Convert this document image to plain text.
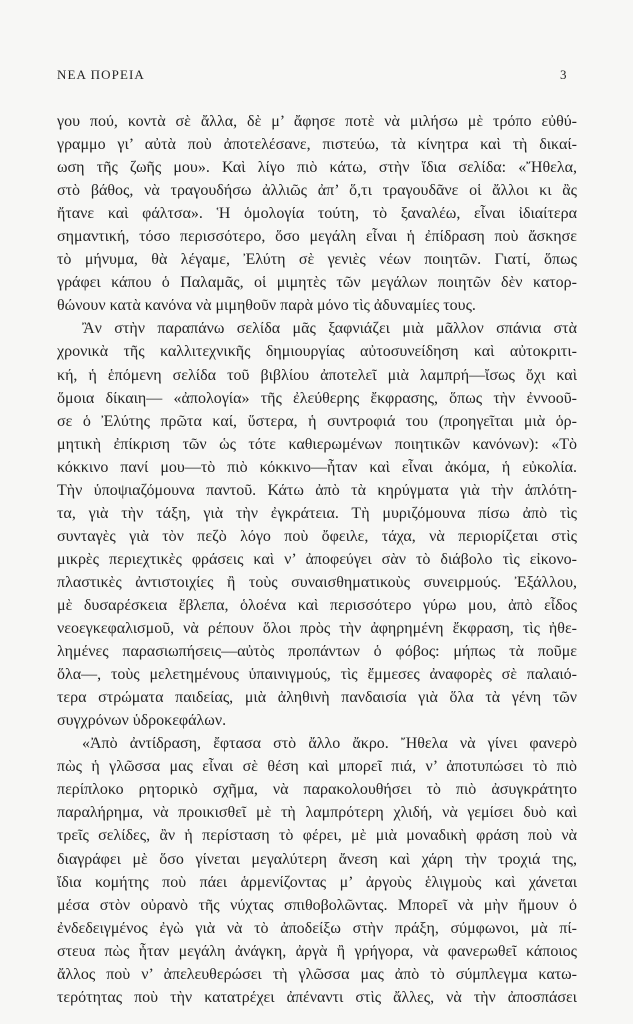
ΝΕΑ ΠΟΡΕΙΑ	3
γου πού, κοντὰ σὲ ἄλλα, δὲ μ’ ἄφησε ποτὲ νὰ μιλήσω μὲ τρόπο εὐθύ-
γραμμο γι’ αὐτὰ ποὺ ἀποτελέσανε, πιστεύω, τὰ κίνητρα καὶ τὴ δικαί-
ωση τῆς ζωῆς μου». Καὶ λίγο πιὸ κάτω, στὴν ἴδια σελίδα: «Ἤθελα,
στὸ βάθος, νὰ τραγουδήσω ἀλλιῶς ἀπ’ ὅ,τι τραγουδᾶνε οἱ ἄλλοι κι ἂς
ἤτανε καὶ φάλτσα». Ἡ ὁμολογία τούτη, τὸ ξαναλέω, εἶναι ἰδιαίτερα
σημαντική, τόσο περισσότερο, ὅσο μεγάλη εἶναι ἡ ἐπίδραση ποὺ ἄσκησε
τὸ μήνυμα, θὰ λέγαμε, Ἐλύτη σὲ γενιὲς νέων ποιητῶν. Γιατί, ὅπως
γράφει κάπου ὁ Παλαμᾶς, οἱ μιμητὲς τῶν μεγάλων ποιητῶν δὲν κατορ-
θώνουν κατὰ κανόνα νὰ μιμηθοῦν παρὰ μόνο τὶς ἀδυναμίες τους.
Ἂν στὴν παραπάνω σελίδα μᾶς ξαφνιάζει μιὰ μᾶλλον σπάνια στὰ
χρονικὰ τῆς καλλιτεχνικῆς δημιουργίας αὐτοσυνείδηση καὶ αὐτοκριτι-
κή, ἡ ἑπόμενη σελίδα τοῦ βιβλίου ἀποτελεῖ μιὰ λαμπρή—ἴσως ὄχι καὶ
ὅμοια δίκαιη— «ἀπολογία» τῆς ἐλεύθερης ἔκφρασης, ὅπως τὴν ἐννοοῦ-
σε ὁ Ἐλύτης πρῶτα καί, ὕστερα, ἡ συντροφιά του (προηγεῖται μιὰ ὁρ-
μητικὴ ἐπίκριση τῶν ὡς τότε καθιερωμένων ποιητικῶν κανόνων): «Τὸ
κόκκινο πανί μου—τὸ πιὸ κόκκινο—ἦταν καὶ εἶναι ἀκόμα, ἡ εὐκολία.
Τὴν ὑποψιαζόμουνα παντοῦ. Κάτω ἀπὸ τὰ κηρύγματα γιὰ τὴν ἁπλότη-
τα, γιὰ τὴν τάξη, γιὰ τὴν ἐγκράτεια. Τὴ μυριζόμουνα πίσω ἀπὸ τὶς
συνταγὲς γιὰ τὸν πεζὸ λόγο ποὺ ὄφειλε, τάχα, νὰ περιορίζεται στὶς
μικρὲς περιεχτικὲς φράσεις καὶ ν’ ἀποφεύγει σὰν τὸ διάβολο τὶς εἰκονο-
πλαστικὲς ἀντιστοιχίες ἢ τοὺς συναισθηματικοὺς συνειρμούς. Ἐξάλλου,
μὲ δυσαρέσκεια ἔβλεπα, ὁλοένα καὶ περισσότερο γύρω μου, ἀπὸ εἶδος
νεοεγκεφαλισμοῦ, νὰ ρέπουν ὅλοι πρὸς τὴν ἀφηρημένη ἔκφραση, τὶς ἠθε-
λημένες παρασιωπήσεις—αὐτὸς προπάντων ὁ φόβος: μήπως τὰ ποῦμε
ὅλα—, τοὺς μελετημένους ὑπαινιγμούς, τὶς ἔμμεσες ἀναφορὲς σὲ παλαιό-
τερα στρώματα παιδείας, μιὰ ἀληθινὴ πανδαισία γιὰ ὅλα τὰ γένη τῶν
συγχρόνων ὑδροκεφάλων.
«Ἀπὸ ἀντίδραση, ἔφτασα στὸ ἄλλο ἄκρο. Ἤθελα νὰ γίνει φανερὸ
πὼς ἡ γλῶσσα μας εἶναι σὲ θέση καὶ μπορεῖ πιά, ν’ ἀποτυπώσει τὸ πιὸ
περίπλοκο ρητορικὸ σχῆμα, νὰ παρακολουθήσει τὸ πιὸ ἀσυγκράτητο
παραλήρημα, νὰ προικισθεῖ μὲ τὴ λαμπρότερη χλιδή, νὰ γεμίσει δυὸ καὶ
τρεῖς σελίδες, ἂν ἡ περίσταση τὸ φέρει, μὲ μιὰ μοναδικὴ φράση ποὺ νὰ
διαγράφει μὲ ὅσο γίνεται μεγαλύτερη ἄνεση καὶ χάρη τὴν τροχιά της,
ἴδια κομήτης ποὺ πάει ἁρμενίζοντας μ’ ἀργοὺς ἑλιγμοὺς καὶ χάνεται
μέσα στὸν οὐρανὸ τῆς νύχτας σπιθοβολῶντας. Μπορεῖ νὰ μὴν ἤμουν ὁ
ἐνδεδειγμένος ἐγὼ γιὰ νὰ τὸ ἀποδείξω στὴν πράξη, σύμφωνοι, μὰ πί-
στευα πὼς ἦταν μεγάλη ἀνάγκη, ἀργὰ ἢ γρήγορα, νὰ φανερωθεῖ κάποιος
ἄλλος ποὺ ν’ ἀπελευθερώσει τὴ γλῶσσα μας ἀπὸ τὸ σύμπλεγμα κατω-
τερότητας ποὺ τὴν κατατρέχει ἀπέναντι στὶς ἄλλες, νὰ τὴν ἀποσπάσει
